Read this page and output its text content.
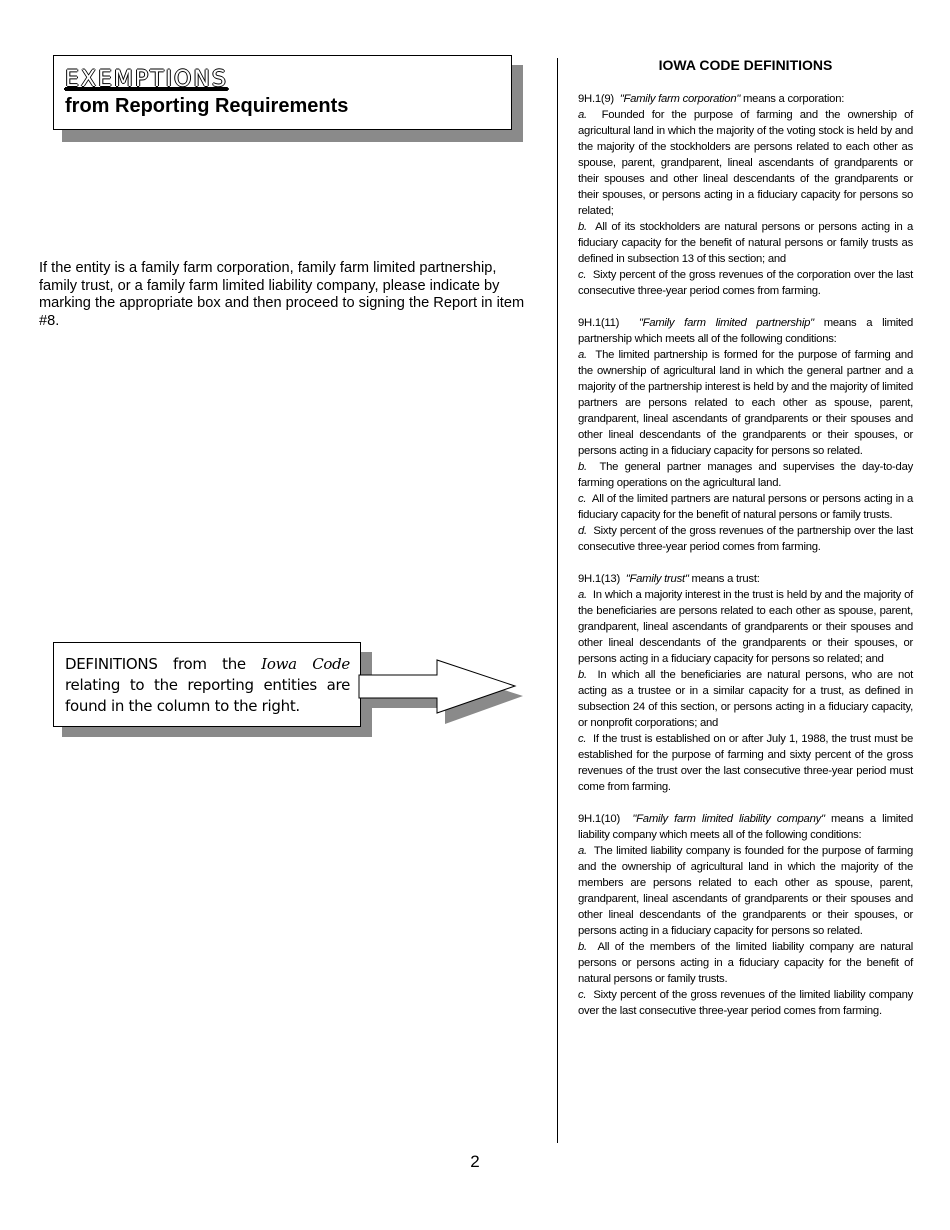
EXEMPTIONS
from Reporting Requirements
If the entity is a family farm corporation, family farm limited partnership, family trust, or a family farm limited liability company, please indicate by marking the appropriate box and then proceed to signing the Report in item #8.
DEFINITIONS from the Iowa Code relating to the reporting entities are found in the column to the right.
IOWA CODE DEFINITIONS

9H.1(9) "Family farm corporation" means a corporation:

a. Founded for the purpose of farming and the ownership of agricultural land in which the majority of the voting stock is held by and the majority of the stockholders are persons related to each other as spouse, parent, grandparent, lineal ascendants of grandparents or their spouses and other lineal descendants of the grandparents or their spouses, or persons acting in a fiduciary capacity for persons so related;

b. All of its stockholders are natural persons or persons acting in a fiduciary capacity for the benefit of natural persons or family trusts as defined in subsection 13 of this section; and

c. Sixty percent of the gross revenues of the corporation over the last consecutive three-year period comes from farming.

9H.1(11) "Family farm limited partnership" means a limited partnership which meets all of the following conditions:

a. The limited partnership is formed for the purpose of farming and the ownership of agricultural land in which the general partner and a majority of the partnership interest is held by and the majority of limited partners are persons related to each other as spouse, parent, grandparent, lineal ascendants of grandparents or their spouses and other lineal descendants of the grandparents or their spouses, or persons acting in a fiduciary capacity for persons so related.

b. The general partner manages and supervises the day-to-day farming operations on the agricultural land.

c. All of the limited partners are natural persons or persons acting in a fiduciary capacity for the benefit of natural persons or family trusts.

d. Sixty percent of the gross revenues of the partnership over the last consecutive three-year period comes from farming.

9H.1(13) "Family trust" means a trust:

a. In which a majority interest in the trust is held by and the majority of the beneficiaries are persons related to each other as spouse, parent, grandparent, lineal ascendants of grandparents or their spouses and other lineal descendants of the grandparents or their spouses, or persons acting in a fiduciary capacity for persons so related; and

b. In which all the beneficiaries are natural persons, who are not acting as a trustee or in a similar capacity for a trust, as defined in subsection 24 of this section, or persons acting in a fiduciary capacity, or nonprofit corporations; and

c. If the trust is established on or after July 1, 1988, the trust must be established for the purpose of farming and sixty percent of the gross revenues of the trust over the last consecutive three-year period must come from farming.

9H.1(10) "Family farm limited liability company" means a limited liability company which meets all of the following conditions:

a. The limited liability company is founded for the purpose of farming and the ownership of agricultural land in which the majority of the members are persons related to each other as spouse, parent, grandparent, lineal ascendants of grandparents or their spouses and other lineal descendants of the grandparents or their spouses, or persons acting in a fiduciary capacity for persons so related.

b. All of the members of the limited liability company are natural persons or persons acting in a fiduciary capacity for the benefit of natural persons or family trusts.

c. Sixty percent of the gross revenues of the limited liability company over the last consecutive three-year period comes from farming.

2
